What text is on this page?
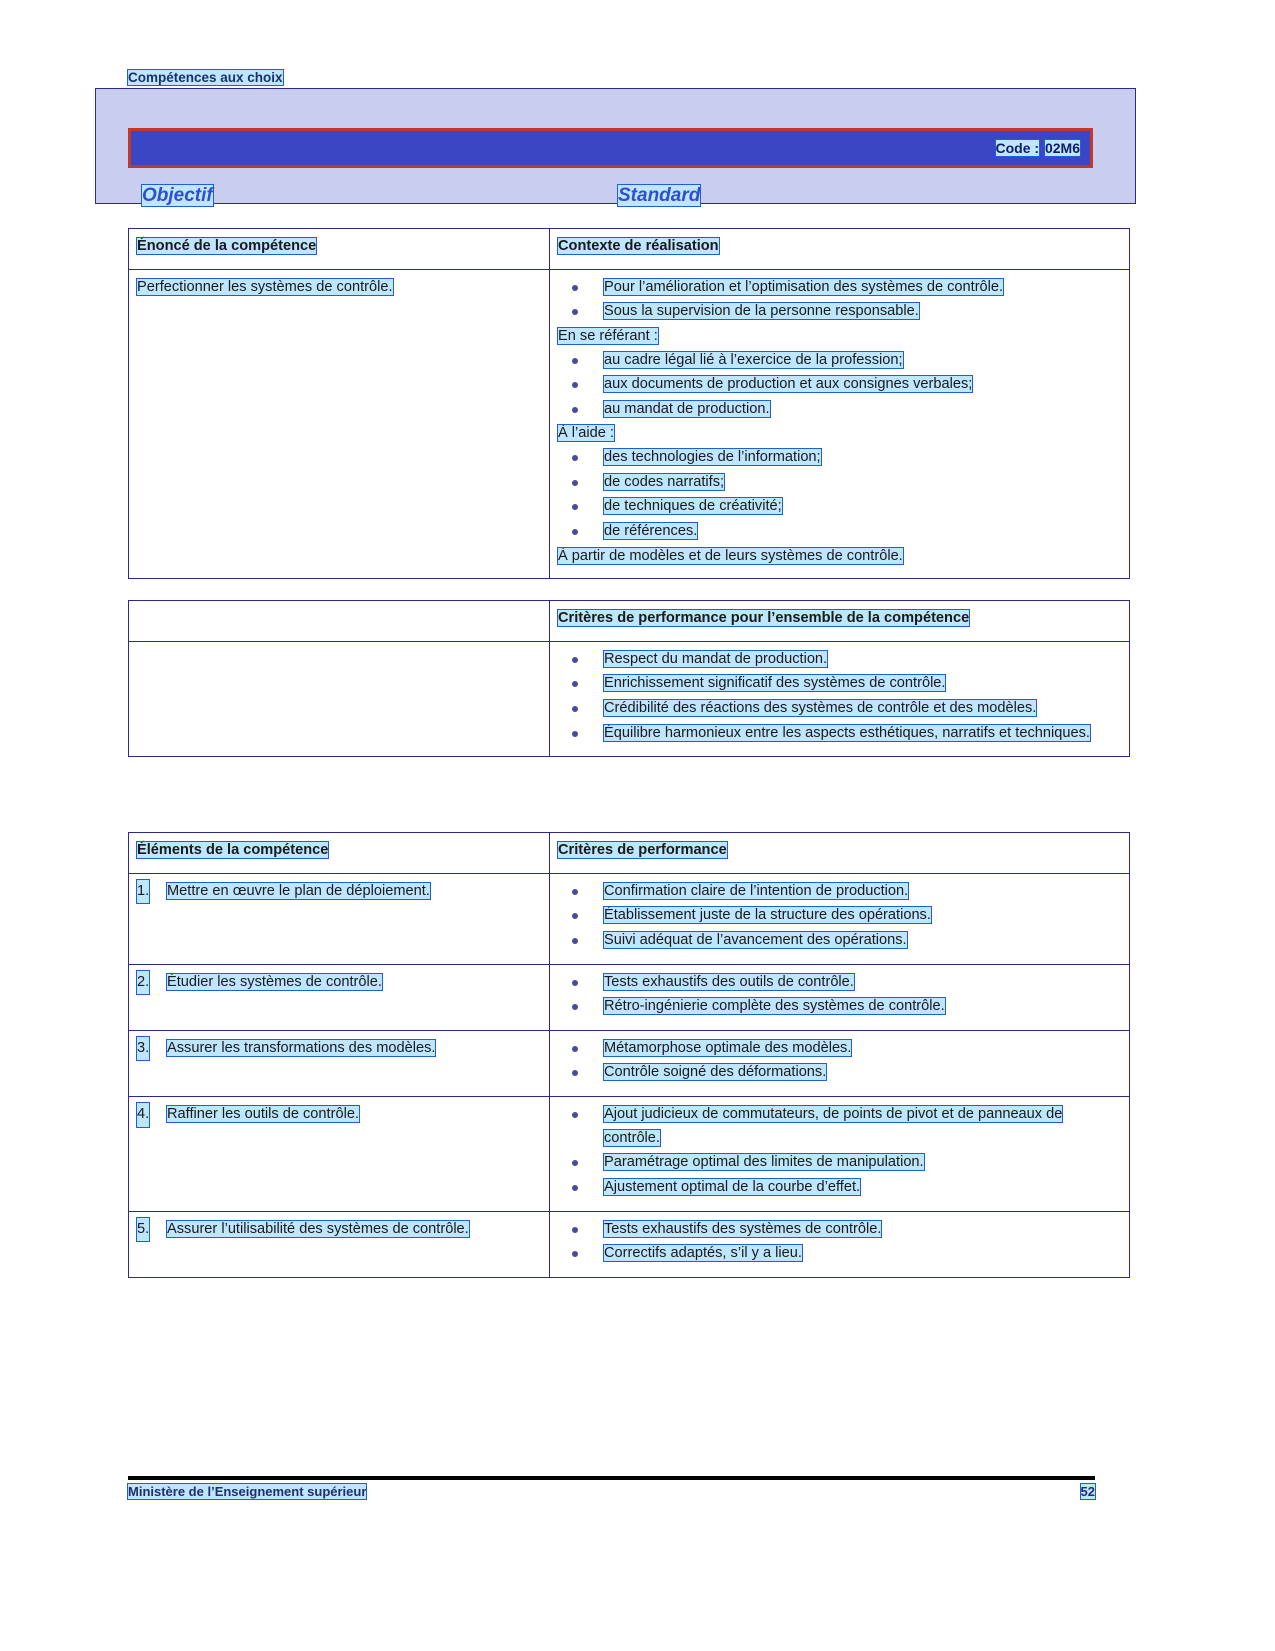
Compétences aux choix
Code : 02M6
Objectif	Standard
Énoncé de la compétence	Contexte de réalisation
Perfectionner les systèmes de contrôle.	Pour l’amélioration et l’optimisation des systèmes de contrôle.
Sous la supervision de la personne responsable.
En se référant :
au cadre légal lié à l’exercice de la profession;
aux documents de production et aux consignes verbales;
au mandat de production.
À l’aide :
des technologies de l’information;
de codes narratifs;
de techniques de créativité;
de références.
À partir de modèles et de leurs systèmes de contrôle.
	Critères de performance pour l’ensemble de la compétence

Respect du mandat de production.
Enrichissement significatif des systèmes de contrôle.
Crédibilité des réactions des systèmes de contrôle et des modèles.
Équilibre harmonieux entre les aspects esthétiques, narratifs et techniques.
Éléments de la compétence	Critères de performance

1. Mettre en œuvre le plan de déploiement.	Confirmation claire de l’intention de production.
Établissement juste de la structure des opérations.
Suivi adéquat de l’avancement des opérations.

2. Étudier les systèmes de contrôle.	Tests exhaustifs des outils de contrôle.
Rétro-ingénierie complète des systèmes de contrôle.

3. Assurer les transformations des modèles.	Métamorphose optimale des modèles.
Contrôle soigné des déformations.

4. Raffiner les outils de contrôle.	Ajout judicieux de commutateurs, de points de pivot et de panneaux de contrôle.
Paramétrage optimal des limites de manipulation.
Ajustement optimal de la courbe d’effet.

5. Assurer l’utilisabilité des systèmes de contrôle.	Tests exhaustifs des systèmes de contrôle.
Correctifs adaptés, s’il y a lieu.
Ministère de l’Enseignement supérieur	52
